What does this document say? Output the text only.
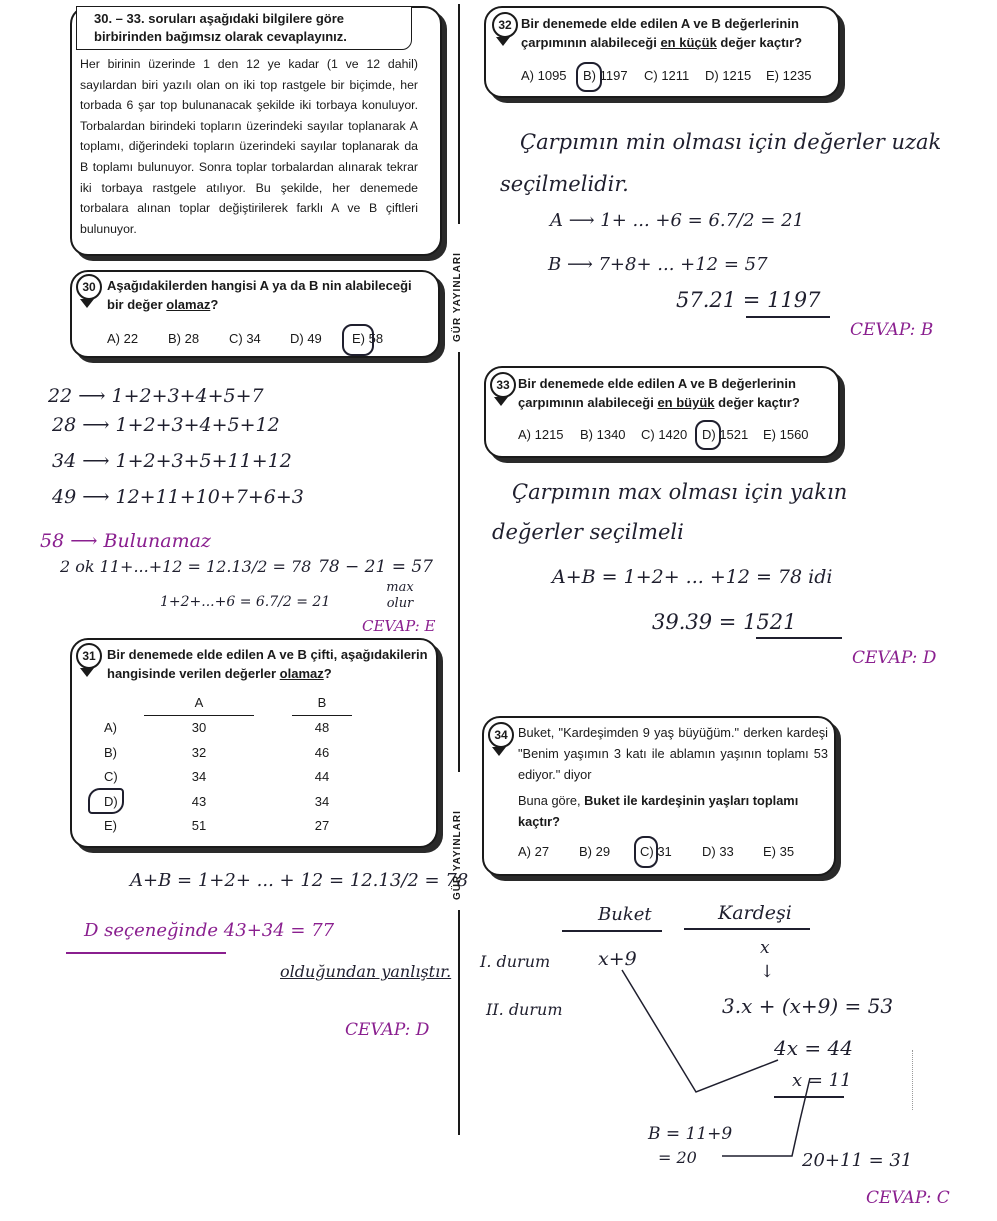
30. – 33. soruları aşağıdaki bilgilere göre birbirinden bağımsız olarak cevaplayınız.
Her birinin üzerinde 1 den 12 ye kadar (1 ve 12 dahil) sayılardan biri yazılı olan on iki top rastgele bir biçimde, her torbada 6 şar top bulunanacak şekilde iki torbaya konuluyor. Torbalardan birindeki topların üzerindeki sayılar toplanarak A toplamı, diğerindeki topların üzerindeki sayılar toplanarak da B toplamı bulunuyor. Sonra toplar torbalardan alınarak tekrar iki torbaya rastgele atılıyor. Bu şekilde, her denemede torbalara alınan toplar değiştirilerek farklı A ve B çiftleri bulunuyor.
30 Aşağıdakilerden hangisi A ya da B nin alabileceği bir değer olamaz?
A) 22 B) 28 C) 34 D) 49 E) 58
22 ⟶ 1+2+3+4+5+7
28 ⟶ 1+2+3+4+5+12
34 ⟶ 1+2+3+5+11+12
49 ⟶ 12+11+10+7+6+3
58 ⟶ Bulunamaz
2 ok 11+...+12 = 12.13/2 = 78
1+2+...+6 = 6.7/2 = 21
78 − 21 = 57
max olur
CEVAP: E
31 Bir denemede elde edilen A ve B çifti, aşağıdakilerin hangisinde verilen değerler olamaz?
	A		B
A)	30		48
B)	32		46
C)	34		44
D)	43		34
E)	51		27
A+B = 1+2+ ... + 12 = 12.13/2 = 78
D seçeneğinde 43+34 = 77
olduğundan yanlıştır.
CEVAP: D
GÜR YAYINLARI
GÜR YAYINLARI
32 Bir denemede elde edilen A ve B değerlerinin çarpımının alabileceği en küçük değer kaçtır?
A) 1095 B) 1197 C) 1211 D) 1215 E) 1235
Çarpımın min olması için değerler uzak
seçilmelidir.
A ⟶ 1+ ... +6 = 6.7/2 = 21
B ⟶ 7+8+ ... +12 = 57
57.21 = 1197
CEVAP: B
33 Bir denemede elde edilen A ve B değerlerinin çarpımının alabileceği en büyük değer kaçtır?
A) 1215 B) 1340 C) 1420 D) 1521 E) 1560
Çarpımın max olması için yakın
değerler seçilmeli
A+B = 1+2+ ... +12 = 78 idi
39.39 = 1521
CEVAP: D
34 Buket, "Kardeşimden 9 yaş büyüğüm." derken kardeşi "Benim yaşımın 3 katı ile ablamın yaşının toplamı 53 ediyor." diyor
Buna göre, Buket ile kardeşinin yaşları toplamı kaçtır?
A) 27 B) 29 C) 31 D) 33 E) 35
Buket	Kardeşi
I. durum	x+9	x
↓
II. durum	3.x + (x+9) = 53
4x = 44
x = 11
B = 11+9
= 20	20+11 = 31
CEVAP: C
